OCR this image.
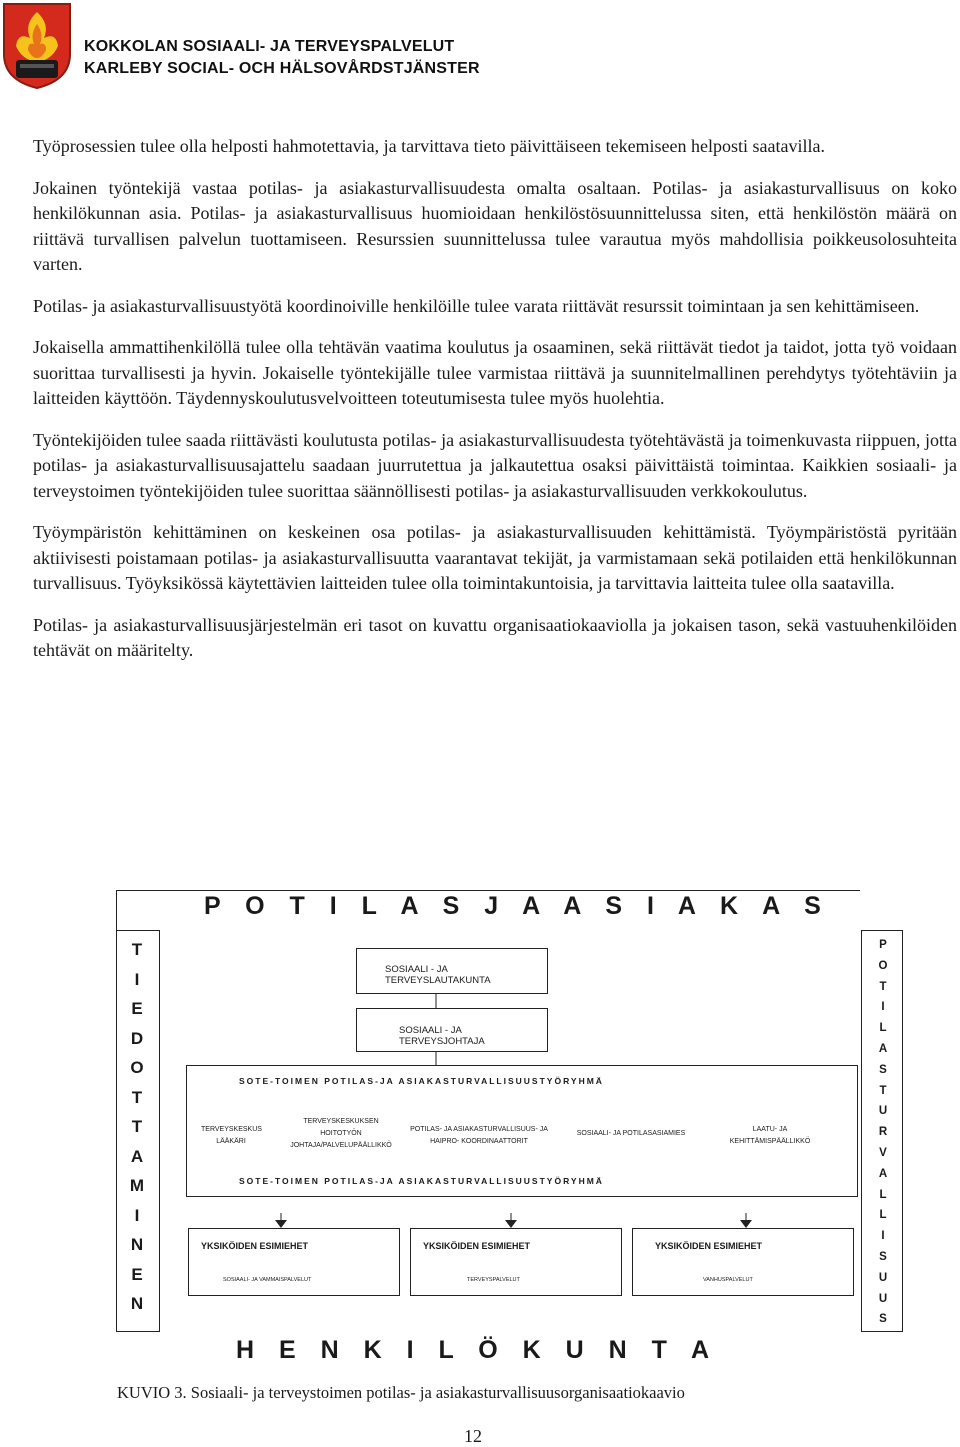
KOKKOLAN SOSIAALI- JA TERVEYSPALVELUT
KARLEBY SOCIAL- OCH HÄLSOVÅRDSTJÄNSTER

Työprosessien tulee olla helposti hahmotettavia, ja tarvittava tieto päivittäiseen tekemiseen helposti saatavilla.

Jokainen työntekijä vastaa potilas- ja asiakasturvallisuudesta omalta osaltaan. Potilas- ja asiakasturvallisuus on koko henkilökunnan asia. Potilas- ja asiakasturvallisuus huomioidaan henkilöstösuunnittelussa siten, että henkilöstön määrä on riittävä turvallisen palvelun tuottamiseen. Resurssien suunnittelussa tulee varautua myös mahdollisia poikkeusolosuhteita varten.

Potilas- ja asiakasturvallisuustyötä koordinoiville henkilöille tulee varata riittävät resurssit toimintaan ja sen kehittämiseen.

Jokaisella ammattihenkilöllä tulee olla tehtävän vaatima koulutus ja osaaminen, sekä riittävät tiedot ja taidot, jotta työ voidaan suorittaa turvallisesti ja hyvin. Jokaiselle työntekijälle tulee varmistaa riittävä ja suunnitelmallinen perehdytys työtehtäviin ja laitteiden käyttöön. Täydennyskoulutusvelvoitteen toteutumisesta tulee myös huolehtia.

Työntekijöiden tulee saada riittävästi koulutusta potilas- ja asiakasturvallisuudesta työtehtävästä ja toimenkuvasta riippuen, jotta potilas- ja asiakasturvallisuusajattelu saadaan juurrutettua ja jalkautettua osaksi päivittäistä toimintaa. Kaikkien sosiaali- ja terveystoimen työntekijöiden tulee suorittaa säännöllisesti potilas- ja asiakasturvallisuuden verkkokoulutus.

Työympäristön kehittäminen on keskeinen osa potilas- ja asiakasturvallisuuden kehittämistä. Työympäristöstä pyritään aktiivisesti poistamaan potilas- ja asiakasturvallisuutta vaarantavat tekijät, ja varmistamaan sekä potilaiden että henkilökunnan turvallisuus. Työyksikössä käytettävien laitteiden tulee olla toimintakuntoisia, ja tarvittavia laitteita tulee olla saatavilla.

Potilas- ja asiakasturvallisuusjärjestelmän eri tasot on kuvattu organisaatiokaaviolla ja jokaisen tason, sekä vastuuhenkilöiden tehtävät on määritelty.

P O T I L A S J A A S I A K A S
T
I
E
D
O
T
T
A
M
I
N
E
N
P
O
T
I
L
A
S
T
U
R
V
A
L
L
I
S
U
U
S
SOSIAALI - JA TERVEYSLAUTAKUNTA
SOSIAALI - JA TERVEYSJOHTAJA
SOTE-TOIMEN POTILAS-JA ASIAKASTURVALLISUUSTYÖRYHMÄ
TERVEYSKESKUS
LÄÄKÄRI
TERVEYSKESKUKSEN
HOITOTYÖN
JOHTAJA/PALVELUPÄÄLLIKKÖ
POTILAS- JA ASIAKASTURVALLISUUS- JA
HAIPRO- KOORDINAATTORIT
SOSIAALI- JA POTILASASIAMIES
LAATU- JA
KEHITTÄMISPÄÄLLIKKÖ
SOTE-TOIMEN POTILAS-JA ASIAKASTURVALLISUUSTYÖRYHMÄ
YKSIKÖIDEN ESIMIEHET
SOSIAALI- JA VAMMAISPALVELUT
YKSIKÖIDEN ESIMIEHET
TERVEYSPALVELUT
YKSIKÖIDEN ESIMIEHET
VANHUSPALVELUT
H E N K I L Ö K U N T A
KUVIO 3. Sosiaali- ja terveystoimen potilas- ja asiakasturvallisuusorganisaatiokaavio
12
